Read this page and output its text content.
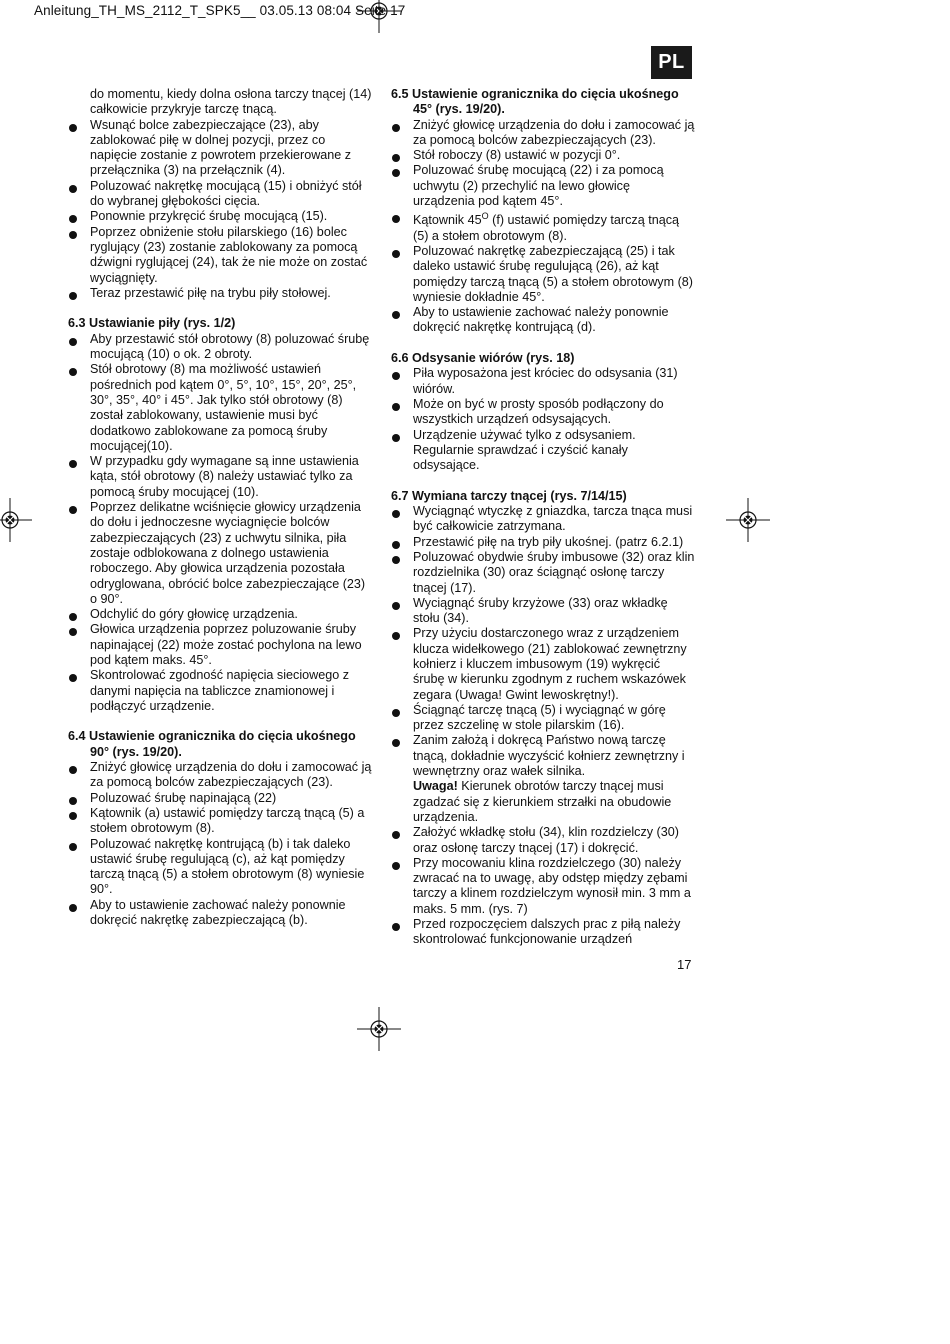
Anleitung_TH_MS_2112_T_SPK5__ 03.05.13 08:04 Seite 17
PL

do momentu, kiedy dolna osłona tarczy tnącej (14) całkowicie przykryje tarczę tnącą.

Wsunąć bolce zabezpieczające (23), aby zablokować piłę w dolnej pozycji, przez co napięcie zostanie z powrotem przekierowane z przełącznika (3) na przełącznik (4).
Poluzować nakrętkę mocującą (15) i obniżyć stół do wybranej głębokości cięcia.
Ponownie przykręcić śrubę mocującą (15).
Poprzez obniżenie stołu pilarskiego (16) bolec ryglujący (23) zostanie zablokowany za pomocą dźwigni ryglującej (24), tak że nie może on zostać wyciągnięty.
Teraz przestawić piłę na trybu piły stołowej.
6.3 Ustawianie piły (rys. 1/2)
Aby przestawić stół obrotowy (8) poluzować śrubę mocującą (10) o ok. 2 obroty.
Stół obrotowy (8) ma możliwość ustawień pośrednich pod kątem 0°, 5°, 10°, 15°, 20°, 25°, 30°, 35°, 40° i 45°. Jak tylko stół obrotowy (8) został zablokowany, ustawienie musi być dodatkowo zablokowane za pomocą śruby mocującej(10).
W przypadku gdy wymagane są inne ustawienia kąta, stół obrotowy (8) należy ustawiać tylko za pomocą śruby mocującej (10).
Poprzez delikatne wciśnięcie głowicy urządzenia do dołu i jednoczesne wyciagnięcie bolców zabezpieczających (23) z uchwytu silnika, piła zostaje odblokowana z dolnego ustawienia roboczego. Aby głowica urządzenia pozostała odryglowana, obrócić bolce zabezpieczające (23) o 90°.
Odchylić do góry głowicę urządzenia.
Głowica urządzenia poprzez poluzowanie śruby napinającej (22) może zostać pochylona na lewo pod kątem maks. 45°.
Skontrolować zgodność napięcia sieciowego z danymi napięcia na tabliczce znamionowej i podłączyć urządzenie.
6.4 Ustawienie ogranicznika do cięcia ukośnego 90° (rys. 19/20).
Zniżyć głowicę urządzenia do dołu i zamocować ją za pomocą bolców zabezpieczających (23).
Poluzować śrubę napinającą (22)
Kątownik (a) ustawić pomiędzy tarczą tnącą (5) a stołem obrotowym (8).
Poluzować nakrętkę kontrującą (b) i tak daleko ustawić śrubę regulującą (c), aż kąt pomiędzy tarczą tnącą (5) a stołem obrotowym (8) wyniesie 90°.
Aby to ustawienie zachować należy ponownie dokręcić nakrętkę zabezpieczającą (b).
6.5 Ustawienie ogranicznika do cięcia ukośnego 45° (rys. 19/20).
Zniżyć głowicę urządzenia do dołu i zamocować ją za pomocą bolców zabezpieczających (23).
Stół roboczy (8) ustawić w pozycji 0°.
Poluzować śrubę mocującą (22) i za pomocą uchwytu (2) przechylić na lewo głowicę urządzenia pod kątem 45°.
Kątownik $45^O$ (f) ustawić pomiędzy tarczą tnącą (5) a stołem obrotowym (8).
Poluzować nakrętkę zabezpieczającą (25) i tak daleko ustawić śrubę regulującą (26), aż kąt pomiędzy tarczą tnącą (5) a stołem obrotowym (8) wyniesie dokładnie 45°.
Aby to ustawienie zachować należy ponownie dokręcić nakrętkę kontrującą (d).
6.6 Odsysanie wiórów (rys. 18)
Piła wyposażona jest króciec do odsysania (31) wiórów.
Może on być w prosty sposób podłączony do wszystkich urządzeń odsysających.
Urządzenie używać tylko z odsysaniem. Regularnie sprawdzać i czyścić kanały odsysające.
6.7 Wymiana tarczy tnącej (rys. 7/14/15)
Wyciągnąć wtyczkę z gniazdka, tarcza tnąca musi być całkowicie zatrzymana.
Przestawić piłę na tryb piły ukośnej. (patrz 6.2.1)
Poluzować obydwie śruby imbusowe (32) oraz klin rozdzielnika (30) oraz ściągnąć osłonę tarczy tnącej (17).
Wyciągnąć śruby krzyżowe (33) oraz wkładkę stołu (34).
Przy użyciu dostarczonego wraz z urządzeniem klucza widełkowego (21) zablokować zewnętrzny kołnierz i kluczem imbusowym (19) wykręcić śrubę w kierunku zgodnym z ruchem wskazówek zegara (Uwaga! Gwint lewoskrętny!).
Ściągnąć tarczę tnącą (5) i wyciągnąć w górę przez szczelinę w stole pilarskim (16).
Zanim założą i dokręcą Państwo nową tarczę tnącą, dokładnie wyczyścić kołnierz zewnętrzny i wewnętrzny oraz wałek silnika.
Uwaga! Kierunek obrotów tarczy tnącej musi zgadzać się z kierunkiem strzałki na obudowie urządzenia.
Założyć wkładkę stołu (34), klin rozdzielczy (30) oraz osłonę tarczy tnącej (17) i dokręcić.
Przy mocowaniu klina rozdzielczego (30) należy zwracać na to uwagę, aby odstęp między zębami tarczy a klinem rozdzielczym wynosił min. 3 mm a maks. 5 mm. (rys. 7)
Przed rozpoczęciem dalszych prac z piłą należy skontrolować funkcjonowanie urządzeń
17
